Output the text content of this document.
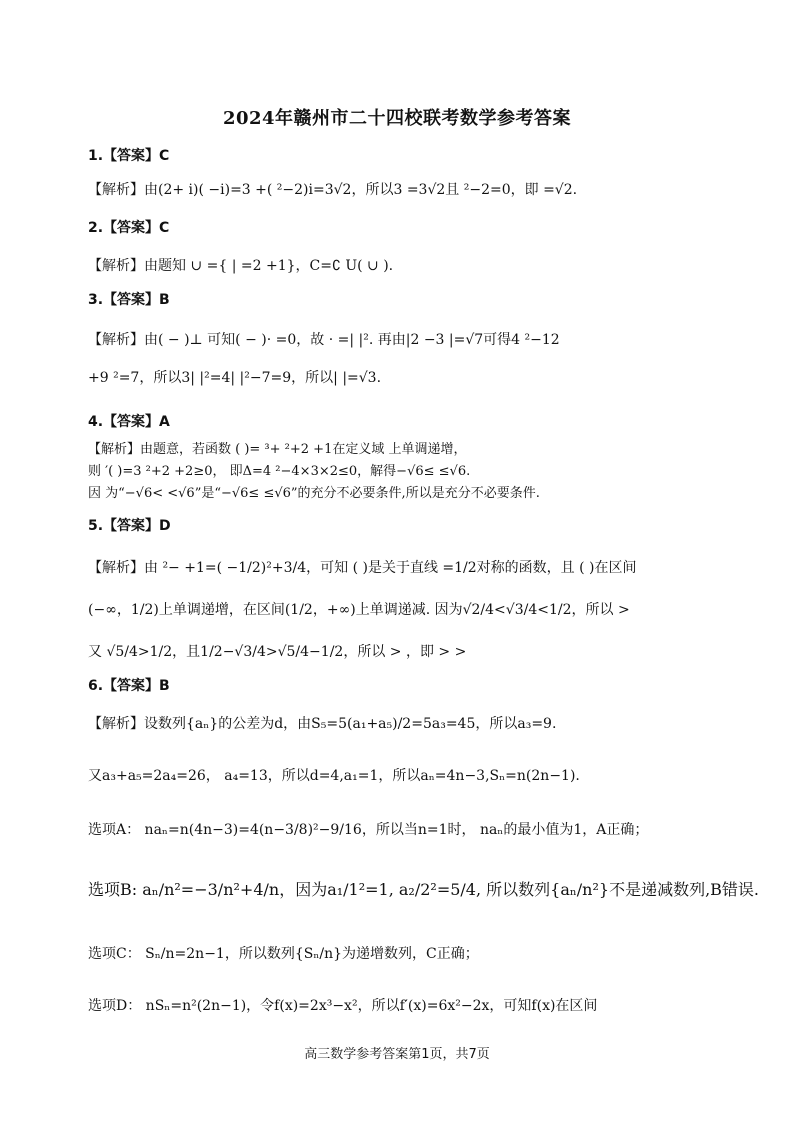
2024年赣州市二十四校联考数学参考答案
1.【答案】C
【解析】由(2+ i)( −i)=3 +( ²−2)i=3√2，所以3 =3√2且 ²−2=0，即 =√2.
2.【答案】C
【解析】由题知 ∪ ={ | =2 +1}，C=∁ U( ∪ ).
3.【答案】B
【解析】由( − )⊥ 可知( − )· =0，故 · =| |². 再由|2 −3 |=√7可得4 ²−12
+9 ²=7，所以3| |²=4| |²−7=9，所以| |=√3.
4.【答案】A
【解析】由题意，若函数 ( )= ³+ ²+2 +1在定义域 上单调递增，
则 ′( )=3 ²+2 +2≥0， 即Δ=4 ²−4×3×2≤0，解得−√6≤ ≤√6.
因 为“−√6< <√6”是“−√6≤ ≤√6”的充分不必要条件,所以是充分不必要条件.
5.【答案】D
【解析】由 ²− +1=( −1/2)²+3/4，可知 ( )是关于直线 =1/2对称的函数，且 ( )在区间
(−∞，1/2)上单调递增，在区间(1/2，+∞)上单调递减. 因为√2/4<√3/4<1/2，所以 >
又 √5/4>1/2，且1/2−√3/4>√5/4−1/2，所以 > ，即 > >
6.【答案】B
【解析】设数列{aₙ}的公差为d，由S₅=5(a₁+a₅)/2=5a₃=45，所以a₃=9.
又a₃+a₅=2a₄=26， a₄=13，所以d=4,a₁=1，所以aₙ=4n−3,Sₙ=n(2n−1).
选项A： naₙ=n(4n−3)=4(n−3/8)²−9/16，所以当n=1时， naₙ的最小值为1，A正确；
选项B: aₙ/n²=−3/n²+4/n，因为a₁/1²=1, a₂/2²=5/4, 所以数列{aₙ/n²}不是递减数列,B错误.
选项C： Sₙ/n=2n−1，所以数列{Sₙ/n}为递增数列，C正确；
选项D： nSₙ=n²(2n−1)，令f(x)=2x³−x²，所以f′(x)=6x²−2x，可知f(x)在区间
高三数学参考答案第1页，共7页
